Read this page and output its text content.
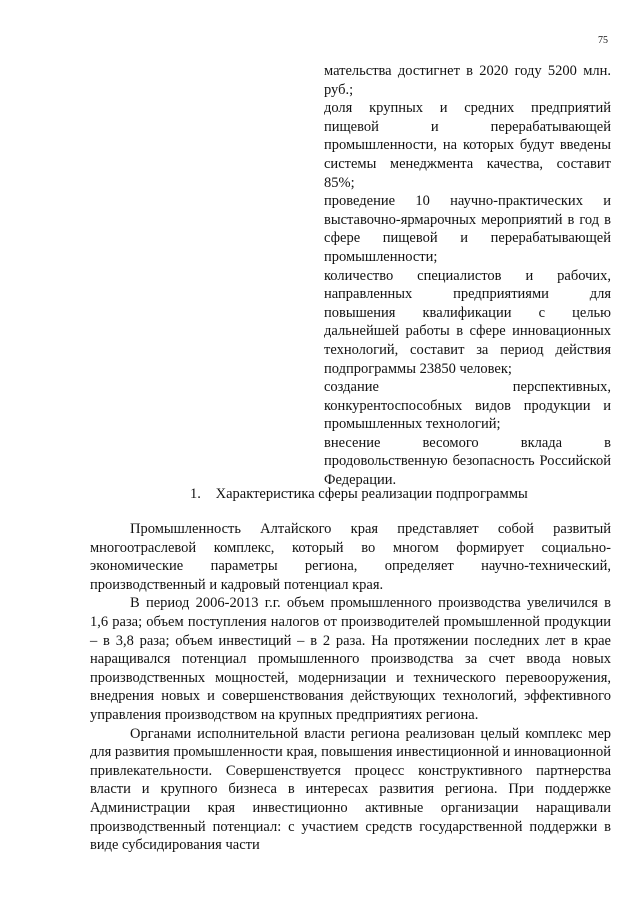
75

мательства достигнет в 2020 году 5200 млн. руб.;

доля крупных и средних предприятий пищевой и перерабатывающей промышленности, на которых будут введены системы менеджмента качества, составит 85%;

проведение 10 научно-практических и выставочно-ярмарочных мероприятий в год в сфере пищевой и перерабатывающей промышленности;

количество специалистов и рабочих, направленных предприятиями для повышения квалификации с целью дальнейшей работы в сфере инновационных технологий, составит за период действия подпрограммы 23850 человек;

создание перспективных, конкурентоспособных видов продукции и промышленных технологий;

внесение весомого вклада в продовольственную безопасность Российской Федерации.

1. Характеристика сферы реализации подпрограммы

Промышленность Алтайского края представляет собой развитый многоотраслевой комплекс, который во многом формирует социально-экономические параметры региона, определяет научно-технический, производственный и кадровый потенциал края.

В период 2006-2013 г.г. объем промышленного производства увеличился в 1,6 раза; объем поступления налогов от производителей промышленной продукции – в 3,8 раза; объем инвестиций – в 2 раза. На протяжении последних лет в крае наращивался потенциал промышленного производства за счет ввода новых производственных мощностей, модернизации и технического перевооружения, внедрения новых и совершенствования действующих технологий, эффективного управления производством на крупных предприятиях региона.

Органами исполнительной власти региона реализован целый комплекс мер для развития промышленности края, повышения инвестиционной и инновационной привлекательности. Совершенствуется процесс конструктивного партнерства власти и крупного бизнеса в интересах развития региона. При поддержке Администрации края инвестиционно активные организации наращивали производственный потенциал: с участием средств государственной поддержки в виде субсидирования части
